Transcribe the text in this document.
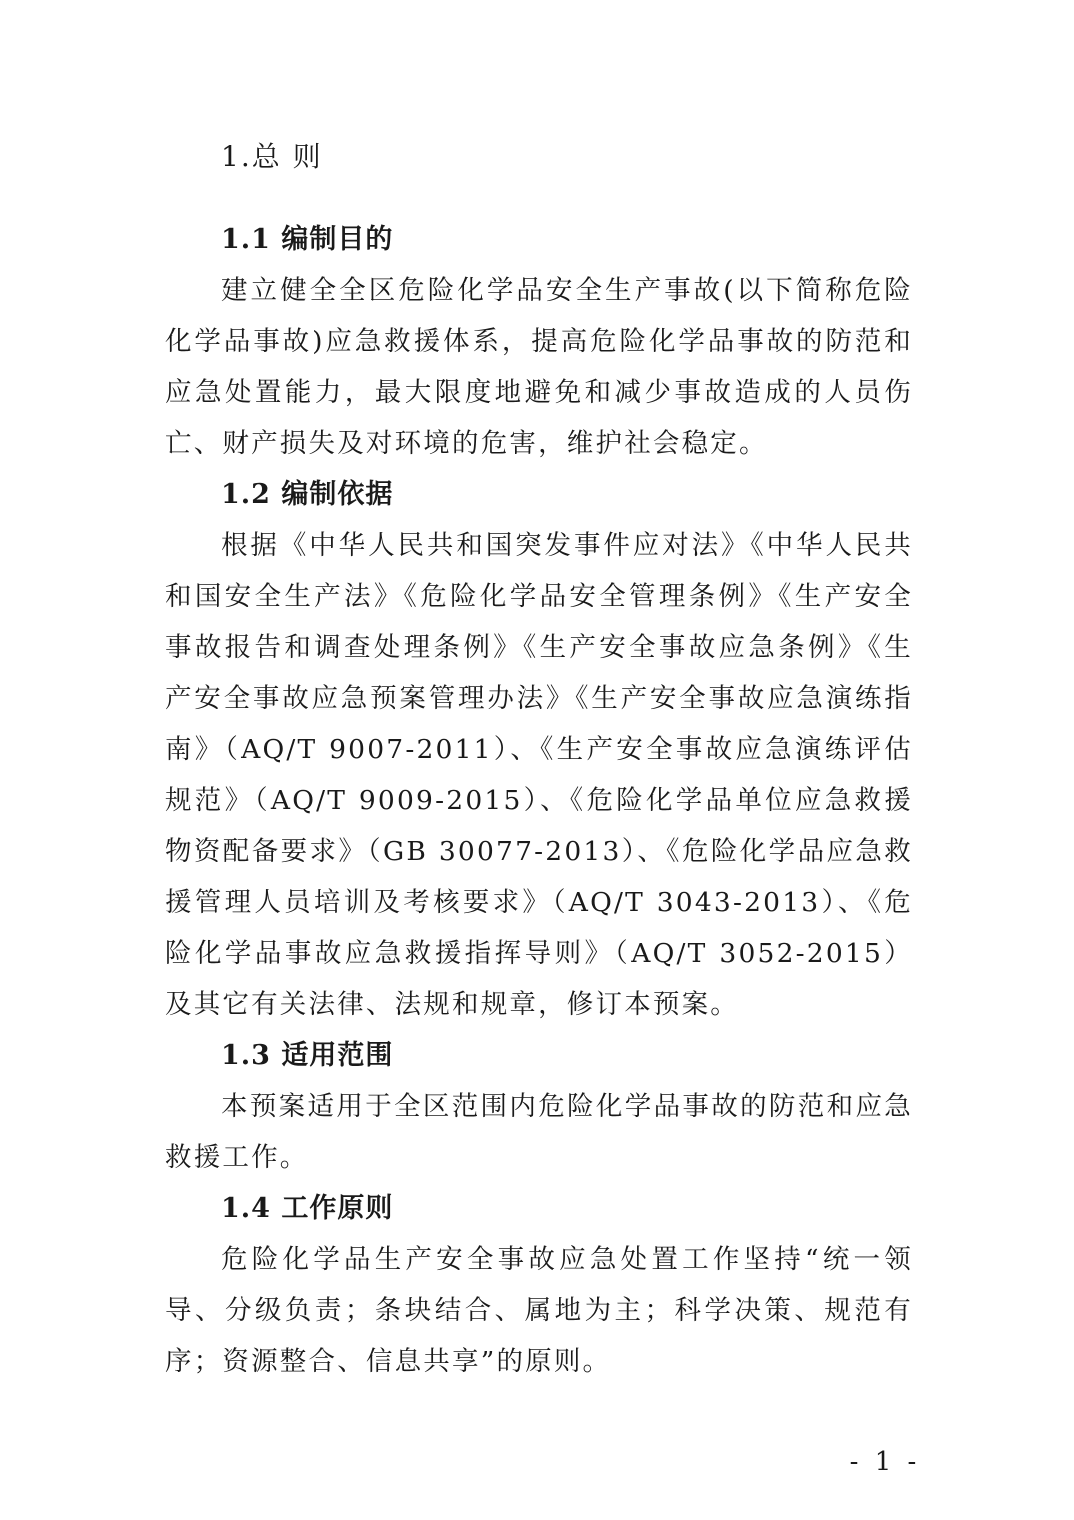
1.总 则
1.1 编制目的

建立健全全区危险化学品安全生产事故(以下简称危险化学品事故)应急救援体系，提高危险化学品事故的防范和应急处置能力，最大限度地避免和减少事故造成的人员伤亡、财产损失及对环境的危害，维护社会稳定。

1.2 编制依据

根据《中华人民共和国突发事件应对法》《中华人民共和国安全生产法》《危险化学品安全管理条例》《生产安全事故报告和调查处理条例》《生产安全事故应急条例》《生产安全事故应急预案管理办法》《生产安全事故应急演练指南》（AQ/T 9007-2011）、《生产安全事故应急演练评估规范》（AQ/T 9009-2015）、《危险化学品单位应急救援物资配备要求》（GB 30077-2013）、《危险化学品应急救援管理人员培训及考核要求》（AQ/T 3043-2013）、《危险化学品事故应急救援指挥导则》（AQ/T 3052-2015）及其它有关法律、法规和规章，修订本预案。

1.3 适用范围

本预案适用于全区范围内危险化学品事故的防范和应急救援工作。

1.4 工作原则

危险化学品生产安全事故应急处置工作坚持“统一领导、分级负责；条块结合、属地为主；科学决策、规范有序；资源整合、信息共享”的原则。

- 1 -
